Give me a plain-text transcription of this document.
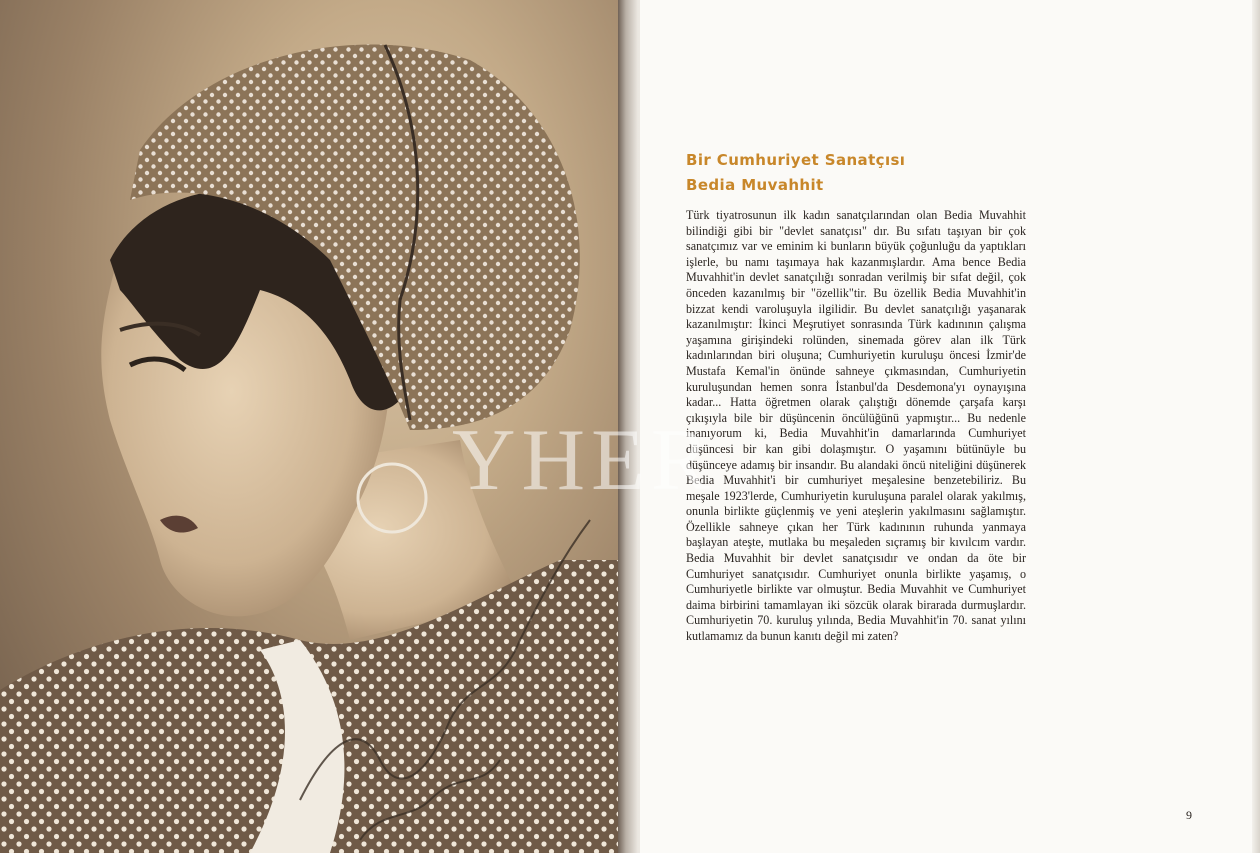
Bir Cumhuriyet Sanatçısı
Bedia Muvahhit

Türk tiyatrosunun ilk kadın sanatçılarından olan Bedia Muvahhit bilindiği gibi bir "devlet sanatçısı" dır. Bu sıfatı taşıyan bir çok sanatçımız var ve eminim ki bunların büyük çoğunluğu da yaptıkları işlerle, bu namı taşımaya hak kazanmışlardır. Ama bence Bedia Muvahhit'in devlet sanatçılığı sonradan verilmiş bir sıfat değil, çok önceden kazanılmış bir "özellik"tir. Bu özellik Bedia Muvahhit'in bizzat kendi varoluşuyla ilgilidir. Bu devlet sanatçılığı yaşanarak kazanılmıştır: İkinci Meşrutiyet sonrasında Türk kadınının çalışma yaşamına girişindeki rolünden, sinemada görev alan ilk Türk kadınlarından biri oluşuna; Cumhuriyetin kuruluşu öncesi İzmir'de Mustafa Kemal'in önünde sahneye çıkmasından, Cumhuriyetin kuruluşundan hemen sonra İstanbul'da Desdemona'yı oynayışına kadar... Hatta öğretmen olarak çalıştığı dönemde çarşafa karşı çıkışıyla bile bir düşüncenin öncülüğünü yapmıştır... Bu nedenle inanıyorum ki, Bedia Muvahhit'in damarlarında Cumhuriyet düşüncesi bir kan gibi dolaşmıştır. O yaşamını bütünüyle bu düşünceye adamış bir insandır. Bu alandaki öncü niteliğini düşünerek Bedia Muvahhit'i bir cumhuriyet meşalesine benzetebiliriz. Bu meşale 1923'lerde, Cumhuriyetin kuruluşuna paralel olarak yakılmış, onunla birlikte güçlenmiş ve yeni ateşlerin yakılmasını sağlamıştır. Özellikle sahneye çıkan her Türk kadınının ruhunda yanmaya başlayan ateşte, mutlaka bu meşaleden sıçramış bir kıvılcım vardır. Bedia Muvahhit bir devlet sanatçısıdır ve ondan da öte bir Cumhuriyet sanatçısıdır. Cumhuriyet onunla birlikte yaşamış, o Cumhuriyetle birlikte var olmuştur. Bedia Muvahhit ve Cumhuriyet daima birbirini tamamlayan iki sözcük olarak birarada durmuşlardır. Cumhuriyetin 70. kuruluş yılında, Bedia Muvahhit'in 70. sanat yılını kutlamamız da bunun kanıtı değil mi zaten?

9
YHER
